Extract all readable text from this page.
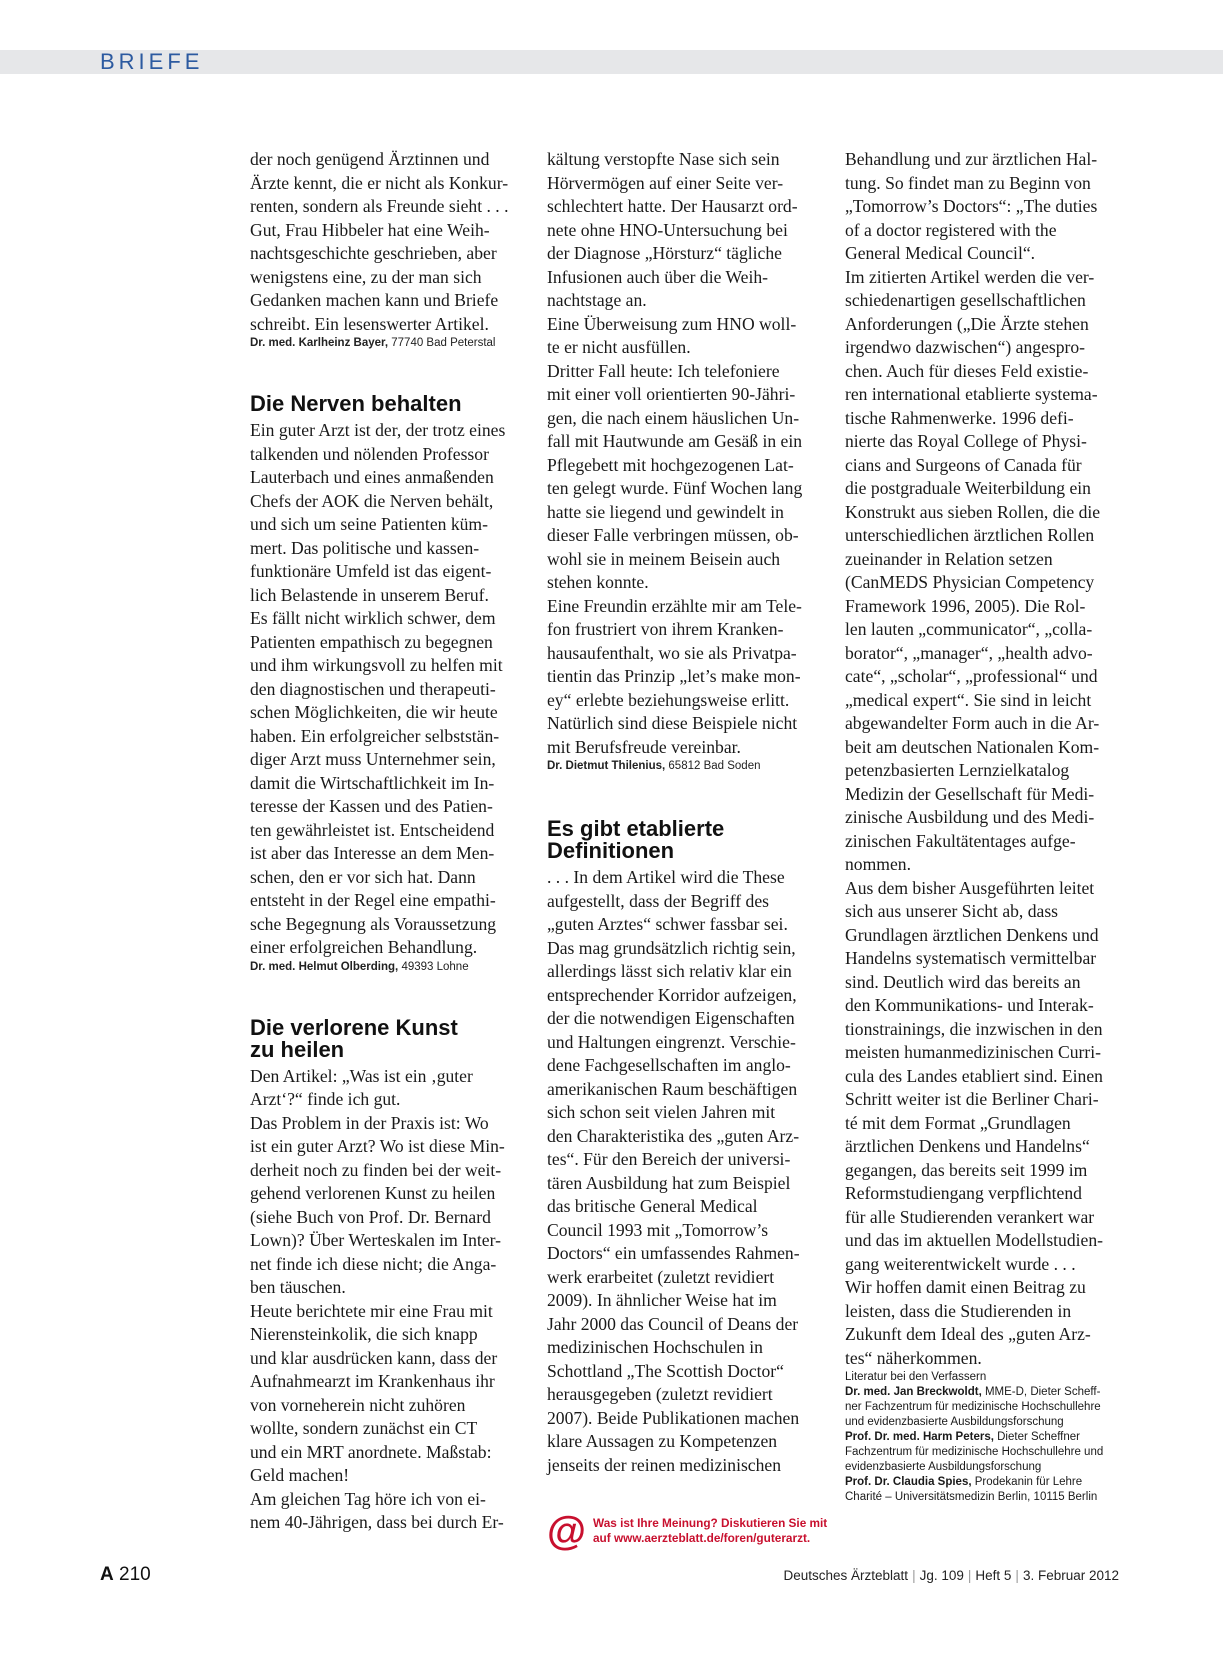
BRIEFE

der noch genügend Ärztinnen und
Ärzte kennt, die er nicht als Konkur-
renten, sondern als Freunde sieht . . .
Gut, Frau Hibbeler hat eine Weih-
nachtsgeschichte geschrieben, aber
wenigstens eine, zu der man sich
Gedanken machen kann und Briefe
schreibt. Ein lesenswerter Artikel.

Dr. med. Karlheinz Bayer, 77740 Bad Peterstal

Die Nerven behalten

Ein guter Arzt ist der, der trotz eines
talkenden und nölenden Professor
Lauterbach und eines anmaßenden
Chefs der AOK die Nerven behält,
und sich um seine Patienten küm-
mert. Das politische und kassen-
funktionäre Umfeld ist das eigent-
lich Belastende in unserem Beruf.
Es fällt nicht wirklich schwer, dem
Patienten empathisch zu begegnen
und ihm wirkungsvoll zu helfen mit
den diagnostischen und therapeuti-
schen Möglichkeiten, die wir heute
haben. Ein erfolgreicher selbststän-
diger Arzt muss Unternehmer sein,
damit die Wirtschaftlichkeit im In-
teresse der Kassen und des Patien-
ten gewährleistet ist. Entscheidend
ist aber das Interesse an dem Men-
schen, den er vor sich hat. Dann
entsteht in der Regel eine empathi-
sche Begegnung als Voraussetzung
einer erfolgreichen Behandlung.

Dr. med. Helmut Olberding, 49393 Lohne

Die verlorene Kunst
zu heilen

Den Artikel: „Was ist ein ‚guter
Arzt‘?“ finde ich gut.
Das Problem in der Praxis ist: Wo
ist ein guter Arzt? Wo ist diese Min-
derheit noch zu finden bei der weit-
gehend verlorenen Kunst zu heilen
(siehe Buch von Prof. Dr. Bernard
Lown)? Über Werteskalen im Inter-
net finde ich diese nicht; die Anga-
ben täuschen.
Heute berichtete mir eine Frau mit
Nierensteinkolik, die sich knapp
und klar ausdrücken kann, dass der
Aufnahmearzt im Krankenhaus ihr
von vorneherein nicht zuhören
wollte, sondern zunächst ein CT
und ein MRT anordnete. Maßstab:
Geld machen!
Am gleichen Tag höre ich von ei-
nem 40-Jährigen, dass bei durch Er-

kältung verstopfte Nase sich sein
Hörvermögen auf einer Seite ver-
schlechtert hatte. Der Hausarzt ord-
nete ohne HNO-Untersuchung bei
der Diagnose „Hörsturz“ tägliche
Infusionen auch über die Weih-
nachtstage an.
Eine Überweisung zum HNO woll-
te er nicht ausfüllen.
Dritter Fall heute: Ich telefoniere
mit einer voll orientierten 90-Jähri-
gen, die nach einem häuslichen Un-
fall mit Hautwunde am Gesäß in ein
Pflegebett mit hochgezogenen Lat-
ten gelegt wurde. Fünf Wochen lang
hatte sie liegend und gewindelt in
dieser Falle verbringen müssen, ob-
wohl sie in meinem Beisein auch
stehen konnte.
Eine Freundin erzählte mir am Tele-
fon frustriert von ihrem Kranken-
hausaufenthalt, wo sie als Privatpa-
tientin das Prinzip „let’s make mon-
ey“ erlebte beziehungsweise erlitt.
Natürlich sind diese Beispiele nicht
mit Berufsfreude vereinbar.

Dr. Dietmut Thilenius, 65812 Bad Soden

Es gibt etablierte
Definitionen

. . . In dem Artikel wird die These
aufgestellt, dass der Begriff des
„guten Arztes“ schwer fassbar sei.
Das mag grundsätzlich richtig sein,
allerdings lässt sich relativ klar ein
entsprechender Korridor aufzeigen,
der die notwendigen Eigenschaften
und Haltungen eingrenzt. Verschie-
dene Fachgesellschaften im anglo-
amerikanischen Raum beschäftigen
sich schon seit vielen Jahren mit
den Charakteristika des „guten Arz-
tes“. Für den Bereich der universi-
tären Ausbildung hat zum Beispiel
das britische General Medical
Council 1993 mit „Tomorrow’s
Doctors“ ein umfassendes Rahmen-
werk erarbeitet (zuletzt revidiert
2009). In ähnlicher Weise hat im
Jahr 2000 das Council of Deans der
medizinischen Hochschulen in
Schottland „The Scottish Doctor“
herausgegeben (zuletzt revidiert
2007). Beide Publikationen machen
klare Aussagen zu Kompetenzen
jenseits der reinen medizinischen

@ Was ist Ihre Meinung? Diskutieren Sie mit
auf www.aerzteblatt.de/foren/guterarzt.

Behandlung und zur ärztlichen Hal-
tung. So findet man zu Beginn von
„Tomorrow’s Doctors“: „The duties
of a doctor registered with the
General Medical Council“.
Im zitierten Artikel werden die ver-
schiedenartigen gesellschaftlichen
Anforderungen („Die Ärzte stehen
irgendwo dazwischen“) angespro-
chen. Auch für dieses Feld existie-
ren international etablierte systema-
tische Rahmenwerke. 1996 defi-
nierte das Royal College of Physi-
cians and Surgeons of Canada für
die postgraduale Weiterbildung ein
Konstrukt aus sieben Rollen, die die
unterschiedlichen ärztlichen Rollen
zueinander in Relation setzen
(CanMEDS Physician Competency
Framework 1996, 2005). Die Rol-
len lauten „communicator“, „colla-
borator“, „manager“, „health advo-
cate“, „scholar“, „professional“ und
„medical expert“. Sie sind in leicht
abgewandelter Form auch in die Ar-
beit am deutschen Nationalen Kom-
petenzbasierten Lernzielkatalog
Medizin der Gesellschaft für Medi-
zinische Ausbildung und des Medi-
zinischen Fakultätentages aufge-
nommen.
Aus dem bisher Ausgeführten leitet
sich aus unserer Sicht ab, dass
Grundlagen ärztlichen Denkens und
Handelns systematisch vermittelbar
sind. Deutlich wird das bereits an
den Kommunikations- und Interak-
tionstrainings, die inzwischen in den
meisten humanmedizinischen Curri-
cula des Landes etabliert sind. Einen
Schritt weiter ist die Berliner Chari-
té mit dem Format „Grundlagen
ärztlichen Denkens und Handelns“
gegangen, das bereits seit 1999 im
Reformstudiengang verpflichtend
für alle Studierenden verankert war
und das im aktuellen Modellstudien-
gang weiterentwickelt wurde . . .
Wir hoffen damit einen Beitrag zu
leisten, dass die Studierenden in
Zukunft dem Ideal des „guten Arz-
tes“ näherkommen.

Literatur bei den Verfassern

Dr. med. Jan Breckwoldt, MME-D, Dieter Scheff-
ner Fachzentrum für medizinische Hochschullehre
und evidenzbasierte Ausbildungsforschung

Prof. Dr. med. Harm Peters, Dieter Scheffner
Fachzentrum für medizinische Hochschullehre und
evidenzbasierte Ausbildungsforschung

Prof. Dr. Claudia Spies, Prodekanin für Lehre
Charité – Universitätsmedizin Berlin, 10115 Berlin

A 210	Deutsches Ärzteblatt | Jg. 109 | Heft 5 | 3. Februar 2012
